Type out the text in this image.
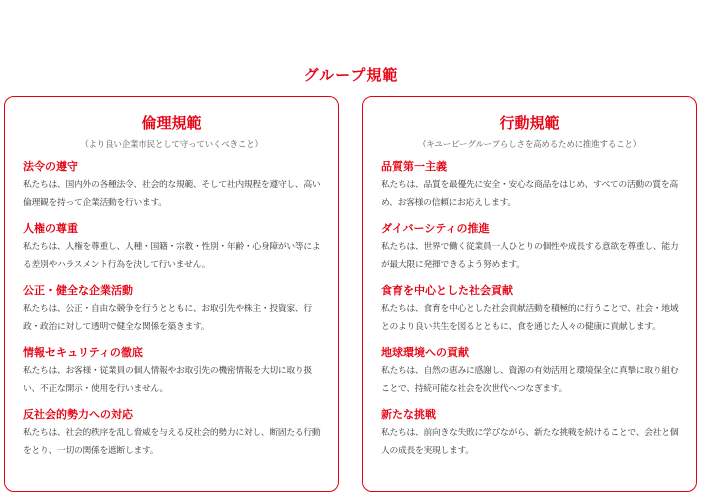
グループ規範
倫理規範
（より良い企業市民として守っていくべきこと）
法令の遵守
私たちは、国内外の各種法令、社会的な規範、そして社内規程を遵守し、高い倫理観を持って企業活動を行います。
人権の尊重
私たちは、人権を尊重し、人種・国籍・宗教・性別・年齢・心身障がい等による差別やハラスメント行為を決して行いません。
公正・健全な企業活動
私たちは、公正・自由な競争を行うとともに、お取引先や株主・投資家、行政・政治に対して透明で健全な関係を築きます。
情報セキュリティの徹底
私たちは、お客様・従業員の個人情報やお取引先の機密情報を大切に取り扱い、不正な開示・使用を行いません。
反社会的勢力への対応
私たちは、社会的秩序を乱し脅威を与える反社会的勢力に対し、断固たる行動をとり、一切の関係を遮断します。
行動規範
（キユーピーグループらしさを高めるために推進すること）
品質第一主義
私たちは、品質を最優先に安全・安心な商品をはじめ、すべての活動の質を高め、お客様の信頼にお応えします。
ダイバーシティの推進
私たちは、世界で働く従業員一人ひとりの個性や成長する意欲を尊重し、能力が最大限に発揮できるよう努めます。
食育を中心とした社会貢献
私たちは、食育を中心とした社会貢献活動を積極的に行うことで、社会・地域とのより良い共生を図るとともに、食を通じた人々の健康に貢献します。
地球環境への貢献
私たちは、自然の恵みに感謝し、資源の有効活用と環境保全に真摯に取り組むことで、持続可能な社会を次世代へつなぎます。
新たな挑戦
私たちは、前向きな失敗に学びながら、新たな挑戦を続けることで、会社と個人の成長を実現します。
